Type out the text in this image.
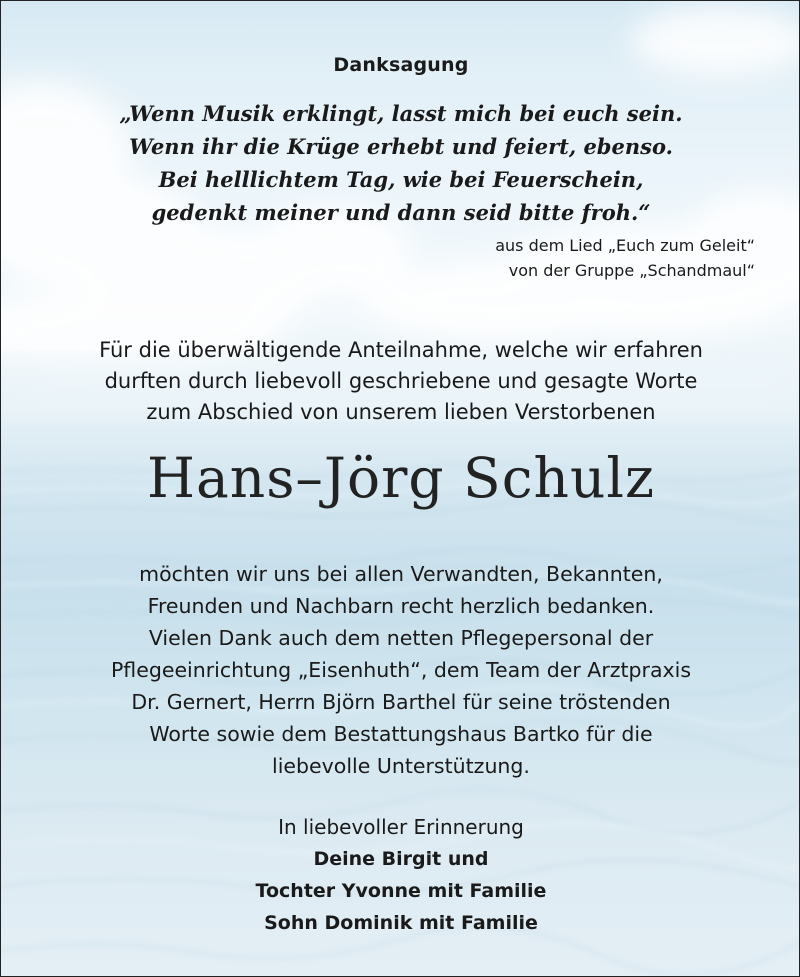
Danksagung
„Wenn Musik erklingt, lasst mich bei euch sein.
Wenn ihr die Krüge erhebt und feiert, ebenso.
Bei helllichtem Tag, wie bei Feuerschein,
gedenkt meiner und dann seid bitte froh.“
aus dem Lied „Euch zum Geleit“
von der Gruppe „Schandmaul“
Für die überwältigende Anteilnahme, welche wir erfahren
durften durch liebevoll geschriebene und gesagte Worte
zum Abschied von unserem lieben Verstorbenen
Hans–Jörg Schulz
möchten wir uns bei allen Verwandten, Bekannten,
Freunden und Nachbarn recht herzlich bedanken.
Vielen Dank auch dem netten Pflegepersonal der
Pflegeeinrichtung „Eisenhuth“, dem Team der Arztpraxis
Dr. Gernert, Herrn Björn Barthel für seine tröstenden
Worte sowie dem Bestattungshaus Bartko für die
liebevolle Unterstützung.
In liebevoller Erinnerung
Deine Birgit und
Tochter Yvonne mit Familie
Sohn Dominik mit Familie
